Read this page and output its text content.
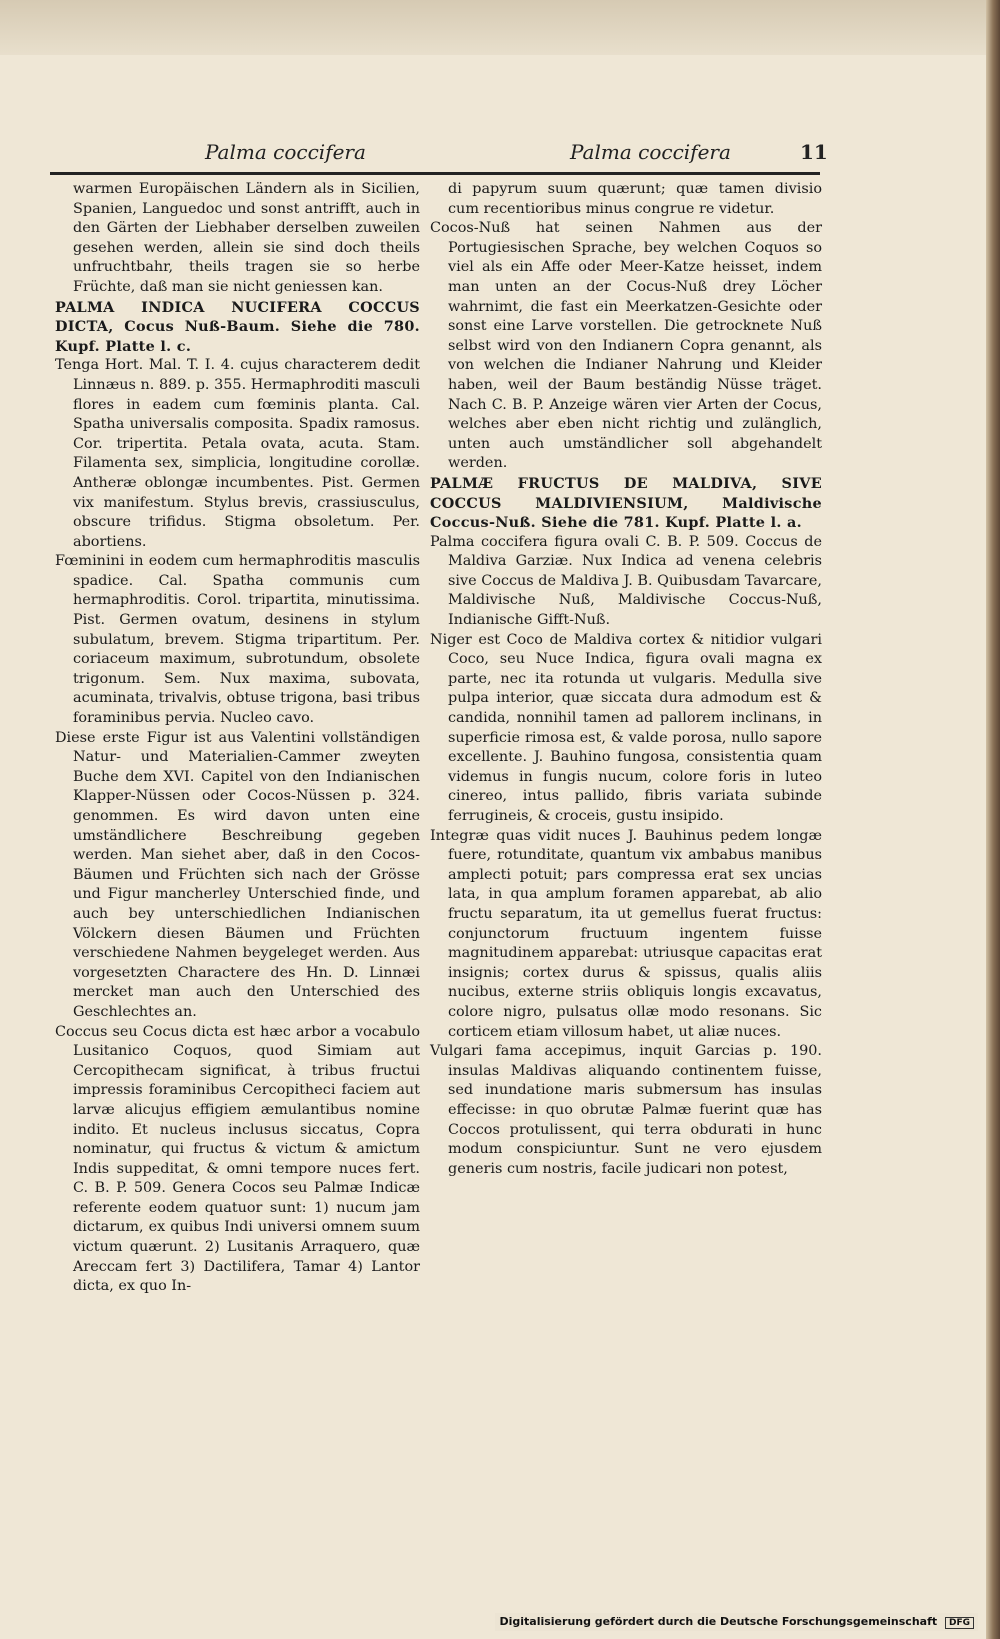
Palma coccifera	Palma coccifera	11

warmen Europäischen Ländern als in Sicilien, Spanien, Languedoc und sonst antrifft, auch in den Gärten der Liebhaber derselben zuweilen gesehen werden, allein sie sind doch theils unfruchtbahr, theils tragen sie so herbe Früchte, daß man sie nicht geniessen kan.

PALMA INDICA NUCIFERA COCCUS DICTA, Cocus Nuß-Baum. Siehe die 780. Kupf. Platte l. c.

Tenga Hort. Mal. T. I. 4. cujus characterem dedit Linnæus n. 889. p. 355. Hermaphroditi masculi flores in eadem cum fœminis planta. Cal. Spatha universalis composita. Spadix ramosus. Cor. tripertita. Petala ovata, acuta. Stam. Filamenta sex, simplicia, longitudine corollæ. Antheræ oblongæ incumbentes. Pist. Germen vix manifestum. Stylus brevis, crassiusculus, obscure trifidus. Stigma obsoletum. Per. abortiens.

Fœminini in eodem cum hermaphroditis masculis spadice. Cal. Spatha communis cum hermaphroditis. Corol. tripartita, minutissima. Pist. Germen ovatum, desinens in stylum subulatum, brevem. Stigma tripartitum. Per. coriaceum maximum, subrotundum, obsolete trigonum. Sem. Nux maxima, subovata, acuminata, trivalvis, obtuse trigona, basi tribus foraminibus pervia. Nucleo cavo.

Diese erste Figur ist aus Valentini vollständigen Natur- und Materialien-Cammer zweyten Buche dem XVI. Capitel von den Indianischen Klapper-Nüssen oder Cocos-Nüssen p. 324. genommen. Es wird davon unten eine umständlichere Beschreibung gegeben werden. Man siehet aber, daß in den Cocos-Bäumen und Früchten sich nach der Grösse und Figur mancherley Unterschied finde, und auch bey unterschiedlichen Indianischen Völckern diesen Bäumen und Früchten verschiedene Nahmen beygeleget werden. Aus vorgesetzten Charactere des Hn. D. Linnæi mercket man auch den Unterschied des Geschlechtes an.

Coccus seu Cocus dicta est hæc arbor a vocabulo Lusitanico Coquos, quod Simiam aut Cercopithecam significat, à tribus fructui impressis foraminibus Cercopitheci faciem aut larvæ alicujus effigiem æmulantibus nomine indito. Et nucleus inclusus siccatus, Copra nominatur, qui fructus & victum & amictum Indis suppeditat, & omni tempore nuces fert. C. B. P. 509. Genera Cocos seu Palmæ Indicæ referente eodem quatuor sunt: 1) nucum jam dictarum, ex quibus Indi universi omnem suum victum quærunt. 2) Lusitanis Arraquero, quæ Areccam fert 3) Dactilifera, Tamar 4) Lantor dicta, ex quo In-

di papyrum suum quærunt; quæ tamen divisio cum recentioribus minus congrue re videtur.

Cocos-Nuß hat seinen Nahmen aus der Portugiesischen Sprache, bey welchen Coquos so viel als ein Affe oder Meer-Katze heisset, indem man unten an der Cocus-Nuß drey Löcher wahrnimt, die fast ein Meerkatzen-Gesichte oder sonst eine Larve vorstellen. Die getrocknete Nuß selbst wird von den Indianern Copra genannt, als von welchen die Indianer Nahrung und Kleider haben, weil der Baum beständig Nüsse träget. Nach C. B. P. Anzeige wären vier Arten der Cocus, welches aber eben nicht richtig und zulänglich, unten auch umständlicher soll abgehandelt werden.

PALMÆ FRUCTUS DE MALDIVA, SIVE COCCUS MALDIVIENSIUM, Maldivische Coccus-Nuß. Siehe die 781. Kupf. Platte l. a.

Palma coccifera figura ovali C. B. P. 509. Coccus de Maldiva Garziæ. Nux Indica ad venena celebris sive Coccus de Maldiva J. B. Quibusdam Tavarcare, Maldivische Nuß, Maldivische Coccus-Nuß, Indianische Gifft-Nuß.

Niger est Coco de Maldiva cortex & nitidior vulgari Coco, seu Nuce Indica, figura ovali magna ex parte, nec ita rotunda ut vulgaris. Medulla sive pulpa interior, quæ siccata dura admodum est & candida, nonnihil tamen ad pallorem inclinans, in superficie rimosa est, & valde porosa, nullo sapore excellente. J. Bauhino fungosa, consistentia quam videmus in fungis nucum, colore foris in luteo cinereo, intus pallido, fibris variata subinde ferrugineis, & croceis, gustu insipido.

Integræ quas vidit nuces J. Bauhinus pedem longæ fuere, rotunditate, quantum vix ambabus manibus amplecti potuit; pars compressa erat sex uncias lata, in qua amplum foramen apparebat, ab alio fructu separatum, ita ut gemellus fuerat fructus: conjunctorum fructuum ingentem fuisse magnitudinem apparebat: utriusque capacitas erat insignis; cortex durus & spissus, qualis aliis nucibus, externe striis obliquis longis excavatus, colore nigro, pulsatus ollæ modo resonans. Sic corticem etiam villosum habet, ut aliæ nuces.

Vulgari fama accepimus, inquit Garcias p. 190. insulas Maldivas aliquando continentem fuisse, sed inundatione maris submersum has insulas effecisse: in quo obrutæ Palmæ fuerint quæ has Coccos protulissent, qui terra obdurati in hunc modum conspiciuntur. Sunt ne vero ejusdem generis cum nostris, facile judicari non potest,

Digitalisierung gefördert durch die Deutsche Forschungsgemeinschaft DFG
